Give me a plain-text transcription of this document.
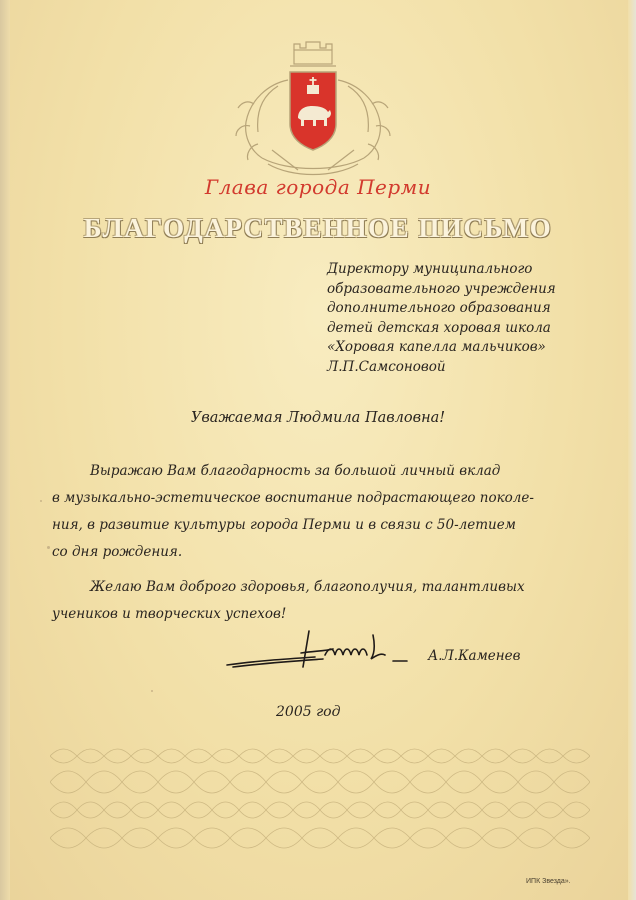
Глава города Перми
БЛАГОДАРСТВЕННОЕ ПИСЬМО
Директору муниципального
образовательного учреждения
дополнительного образования
детей детская хоровая школа
«Хоровая капелла мальчиков»
Л.П.Самсоновой
Уважаемая Людмила Павловна!
Выражаю Вам благодарность за большой личный вклад
в музыкально-эстетическое воспитание подрастающего поколе-
ния, в развитие культуры города Перми и в связи с 50-летием
со дня рождения.
Желаю Вам доброго здоровья, благополучия, талантливых
учеников и творческих успехов!
А.Л.Каменев
2005 год
ИПК Звезда».
